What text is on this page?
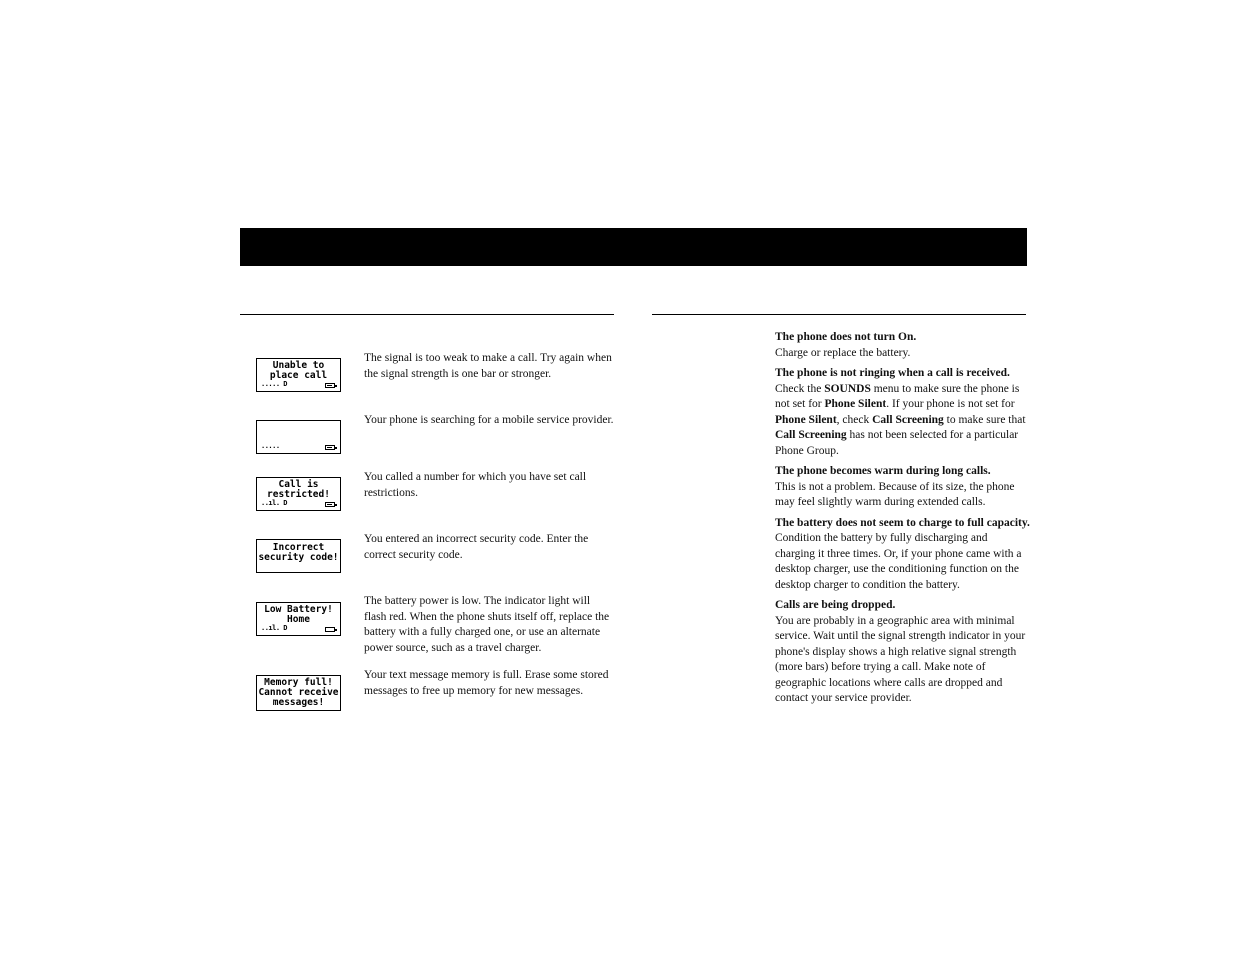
Unable to
place call
..... D
The signal is too weak to make a call. Try again when the signal strength is one bar or stronger.
.....
Your phone is searching for a mobile service provider.
Call is
restricted!
..ıl. D
You called a number for which you have set call restrictions.
Incorrect
security code!
You entered an incorrect security code. Enter the correct security code.
Low Battery!
Home
..ıl. D
The battery power is low. The indicator light will flash red. When the phone shuts itself off, replace the battery with a fully charged one, or use an alternate power source, such as a travel charger.
Memory full!
Cannot receive
messages!
Your text message memory is full. Erase some stored messages to free up memory for new messages.

The phone does not turn On.

Charge or replace the battery.

The phone is not ringing when a call is received.

Check the SOUNDS menu to make sure the phone is not set for Phone Silent. If your phone is not set for Phone Silent, check Call Screening to make sure that Call Screening has not been selected for a particular Phone Group.

The phone becomes warm during long calls.

This is not a problem. Because of its size, the phone may feel slightly warm during extended calls.

The battery does not seem to charge to full capacity.

Condition the battery by fully discharging and charging it three times. Or, if your phone came with a desktop charger, use the conditioning function on the desktop charger to condition the battery.

Calls are being dropped.

You are probably in a geographic area with minimal service. Wait until the signal strength indicator in your phone's display shows a high relative signal strength (more bars) before trying a call. Make note of geographic locations where calls are dropped and contact your service provider.
